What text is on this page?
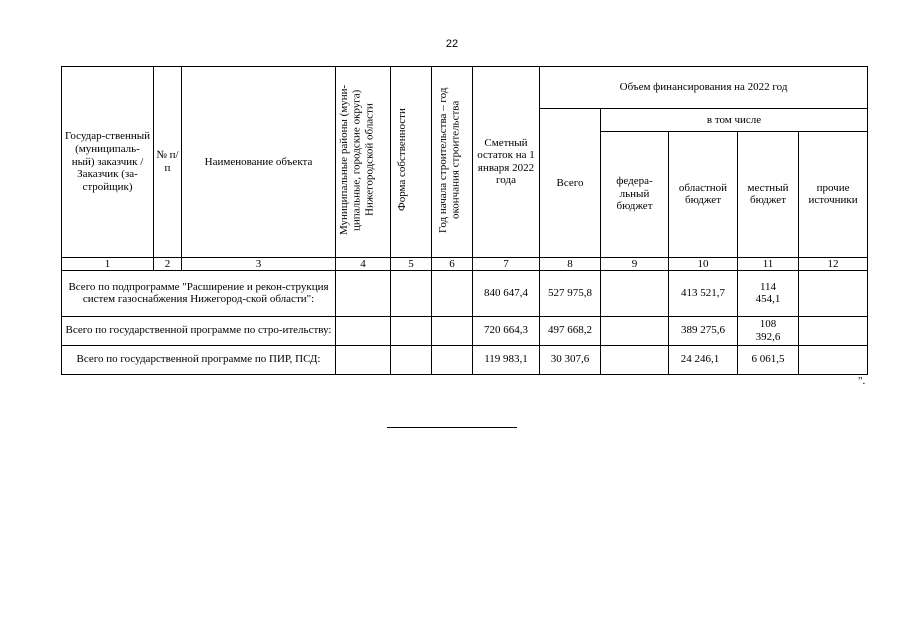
22
Государ-ственный (муниципаль-ный) заказчик / Заказчик (за-стройщик)	№ п/п	Наименование объекта	Муниципальные районы (муни-ципальные, городские округа) Нижегородской области	Форма собственности	Год начала строительства – год окончания строительства	Сметный остаток на 1 января 2022 года	Объем финансирования на 2022 год				
							Всего	в том числе			
								федера-льный бюджет	областной бюджет	местный бюджет	прочие источники
1	2	3	4	5	6	7	8	9	10	11	12
Всего по подпрограмме "Расширение и рекон-струкция систем газоснабжения Нижегород-ской области":						840 647,4	527 975,8		413 521,7	114 454,1	
Всего по государственной программе по стро-ительству:						720 664,3	497 668,2		389 275,6	108 392,6	
Всего по государственной программе по ПИР, ПСД:						119 983,1	30 307,6		24 246,1	6 061,5	
".
